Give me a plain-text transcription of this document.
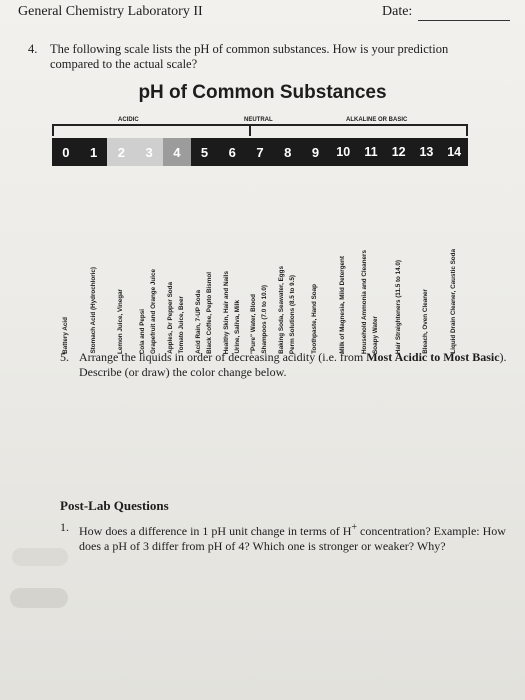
General Chemistry Laboratory II	Date:
4. The following scale lists the pH of common substances. How is your prediction compared to the actual scale?
pH of Common Substances
ACIDIC	NEUTRAL	ALKALINE OR BASIC
0	1	2	3	4	5	6	7	8	9	10	11	12	13	14
Battery Acid	Stomach Acid (Hydrochloric)	Lemon Juice, Vinegar Cola and Pepsi Grapefruit and Orange Juice Apples, Dr Pepper Soda Tomato Juice, Beer Acid Rain, 7-UP Soda Black Coffee, Pepto Bismol Healthy Skin, Hair and Nails Urine, Saliva, Milk "Pure" Water, Blood Shampoos (7.0 to 10.0) Baking Soda, Seawater, Eggs Perm Solutions (8.5 to 9.5) Toothpaste, Hand Soap	Milk of Magnesia, Mild Detergent Household Ammonia and Cleaners Soapy Water Hair Straighteners (11.5 to 14.0)	Bleach, Oven Cleaner	Liquid Drain Cleaner, Caustic Soda
5. Arrange the liquids in order of decreasing acidity (i.e. from Most Acidic to Most Basic). Describe (or draw) the color change below.
Post-Lab Questions
1. How does a difference in 1 pH unit change in terms of H+ concentration? Example: How does a pH of 3 differ from pH of 4? Which one is stronger or weaker? Why?
